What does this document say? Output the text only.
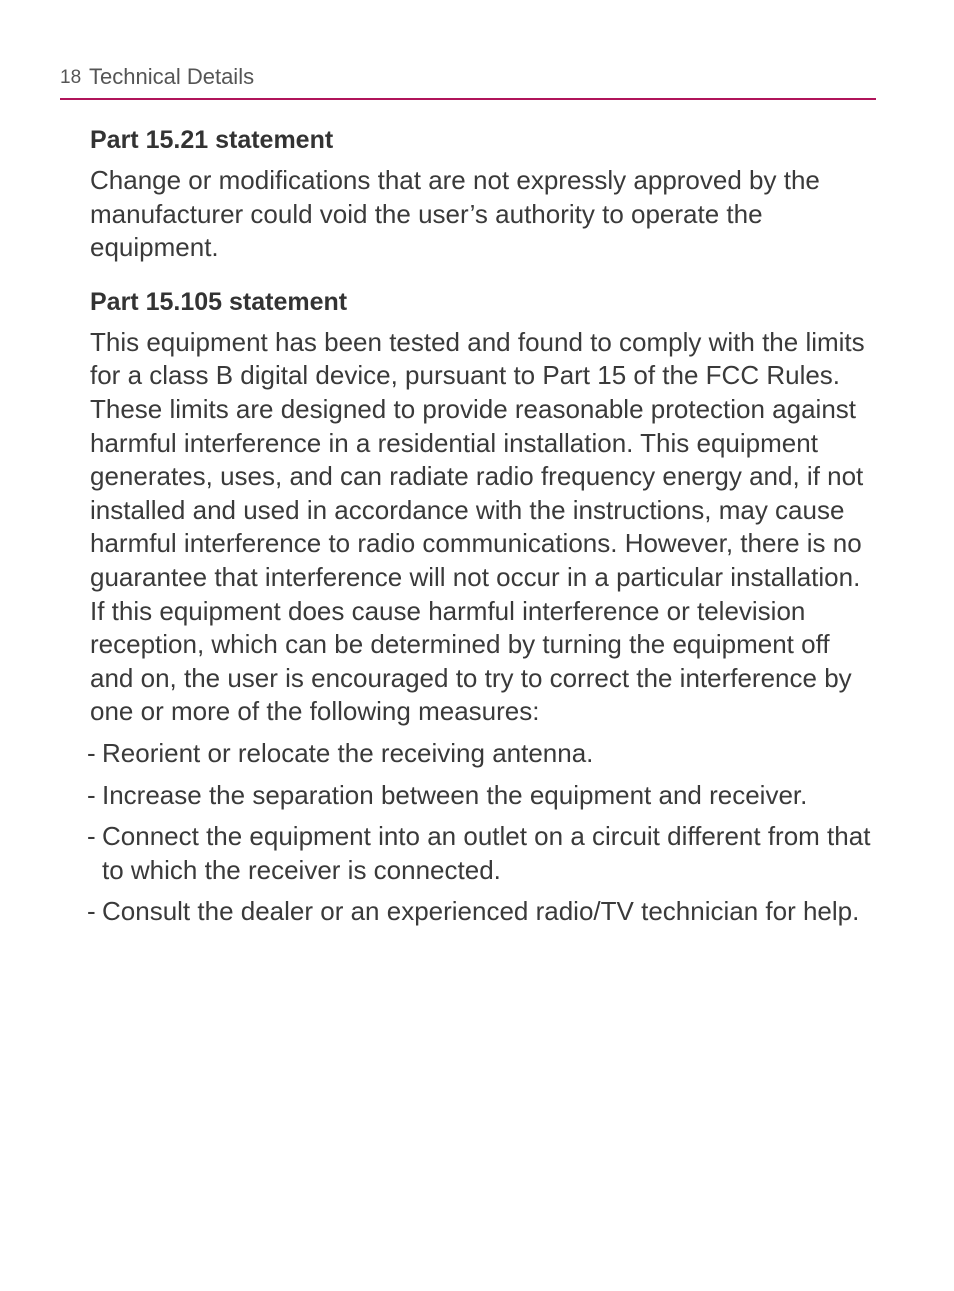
18 Technical Details
Part 15.21 statement

Change or modifications that are not expressly approved by the manufacturer could void the user’s authority to operate the equipment.

Part 15.105 statement

This equipment has been tested and found to comply with the limits for a class B digital device, pursuant to Part 15 of the FCC Rules. These limits are designed to provide reasonable protection against harmful interference in a residential installation. This equipment generates, uses, and can radiate radio frequency energy and, if not installed and used in accordance with the instructions, may cause harmful interference to radio communications. However, there is no guarantee that interference will not occur in a particular installation.

If this equipment does cause harmful interference or television reception, which can be determined by turning the equipment off and on, the user is encouraged to try to correct the interference by one or more of the following measures:

- Reorient or relocate the receiving antenna.
- Increase the separation between the equipment and receiver.
- Connect the equipment into an outlet on a circuit different from that to which the receiver is connected.
- Consult the dealer or an experienced radio/TV technician for help.
